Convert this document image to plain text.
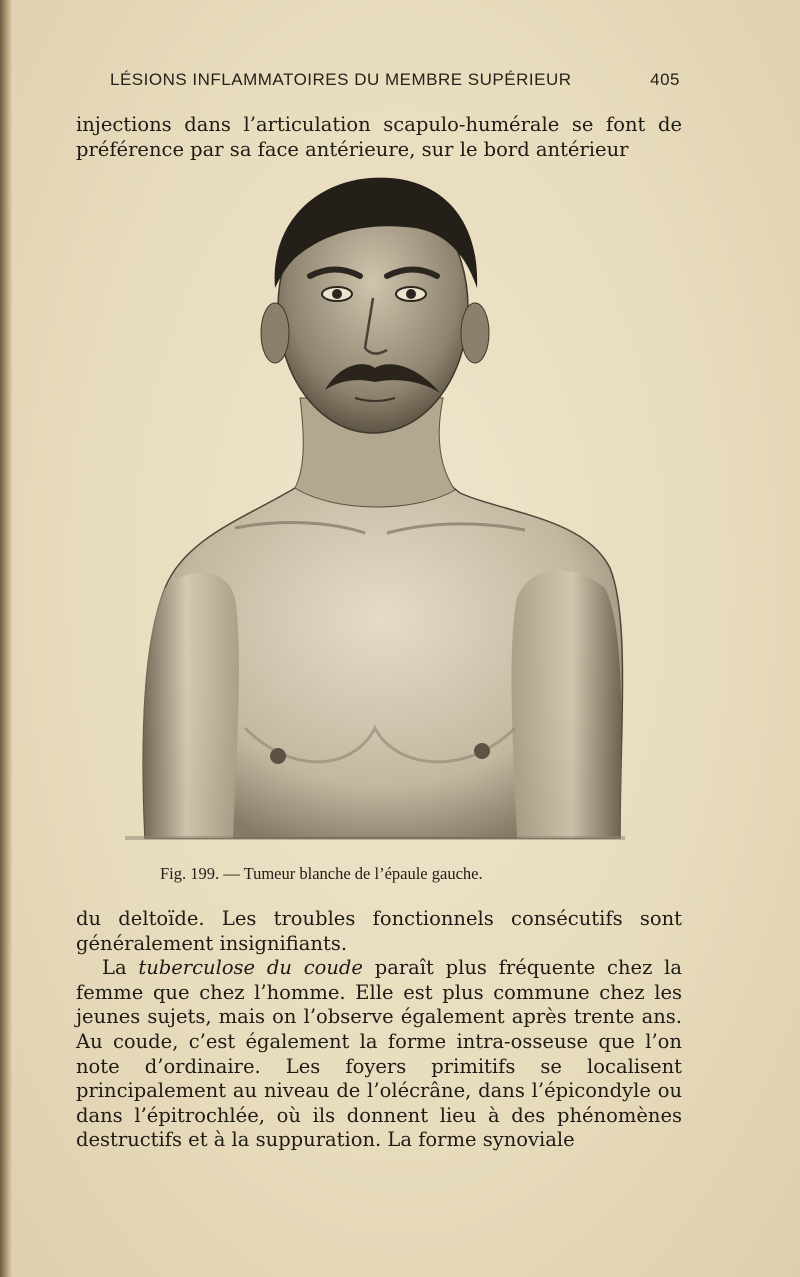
LÉSIONS INFLAMMATOIRES DU MEMBRE SUPÉRIEUR	405

injections dans l’articulation scapulo-humérale se font de préférence par sa face antérieure, sur le bord antérieur

Fig. 199. — Tumeur blanche de l’épaule gauche.

du deltoïde. Les troubles fonctionnels consécutifs sont généralement insignifiants.

La tuberculose du coude paraît plus fréquente chez la femme que chez l’homme. Elle est plus commune chez les jeunes sujets, mais on l’observe également après trente ans. Au coude, c’est également la forme intra-osseuse que l’on note d’ordinaire. Les foyers primitifs se localisent principalement au niveau de l’olécrâne, dans l’épicondyle ou dans l’épitrochlée, où ils donnent lieu à des phénomènes destructifs et à la suppuration. La forme synoviale
